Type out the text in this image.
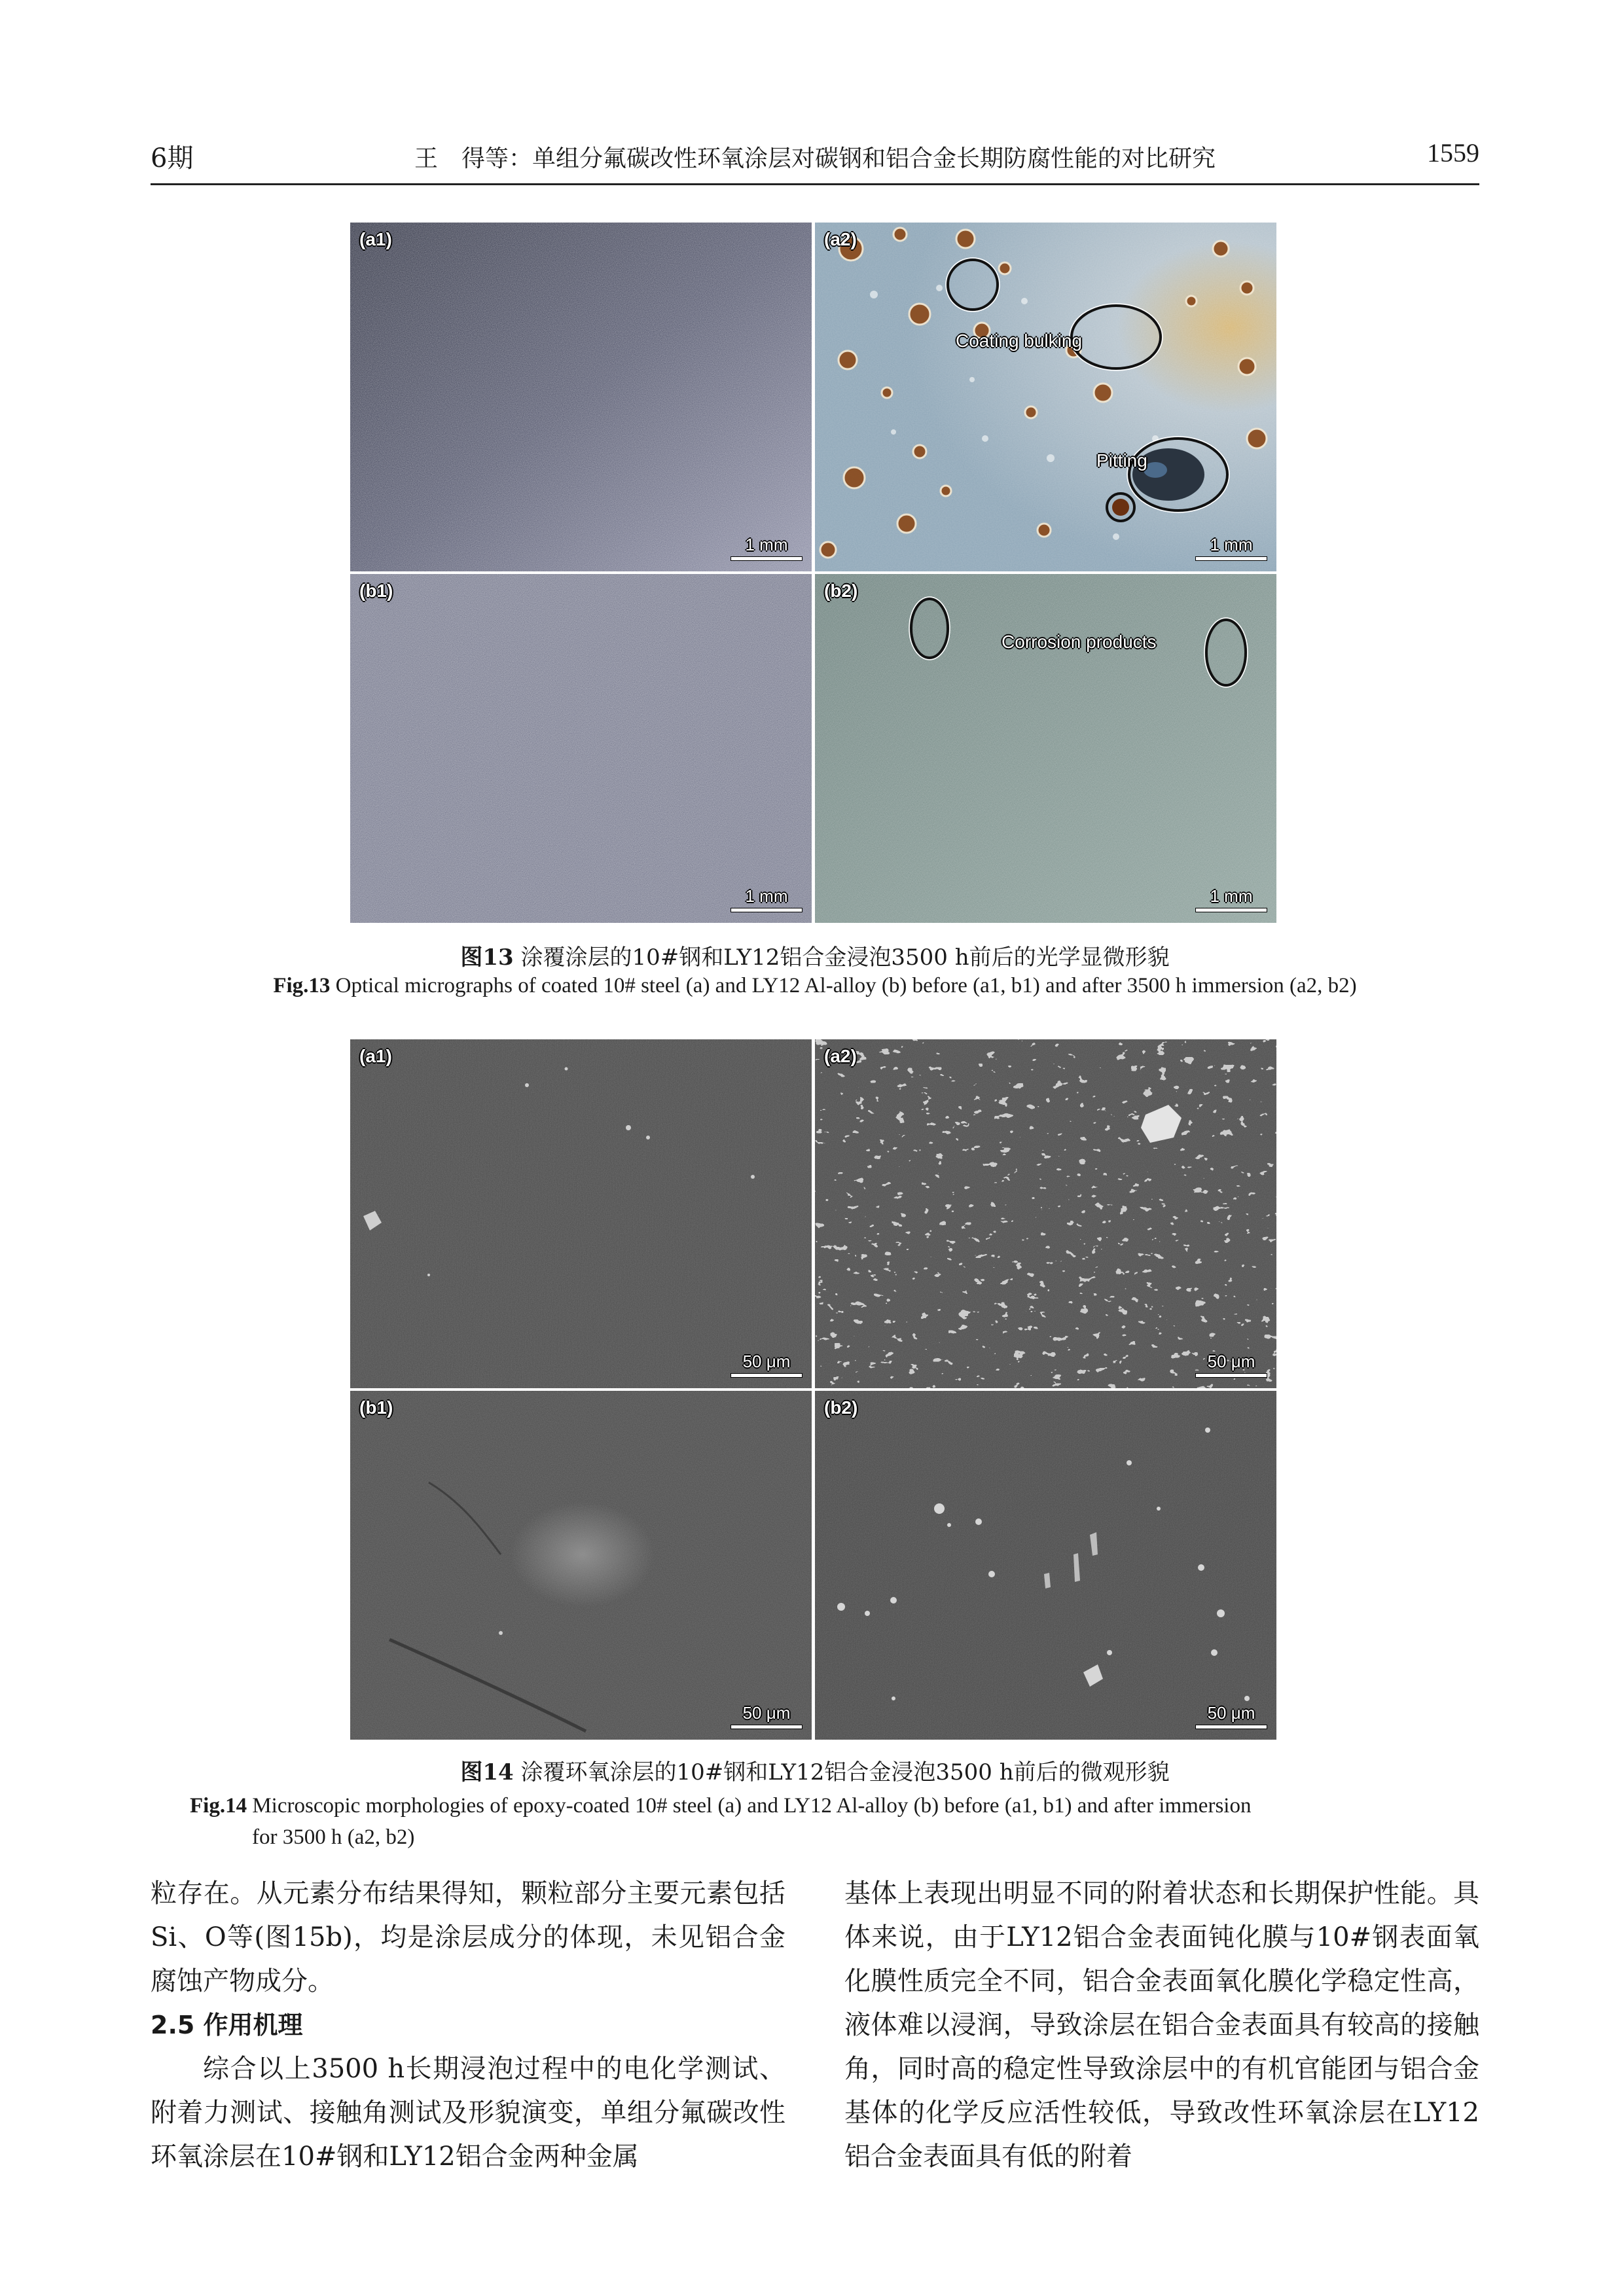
6期	王　得等：单组分氟碳改性环氧涂层对碳钢和铝合金长期防腐性能的对比研究	1559
(a1)
1 mm
(a2)
Coating bulking
Pitting
1 mm
(b1)
1 mm
(b2)
Corrosion products
1 mm
图13 涂覆涂层的10#钢和LY12铝合金浸泡3500 h前后的光学显微形貌
Fig.13 Optical micrographs of coated 10# steel (a) and LY12 Al-alloy (b) before (a1, b1) and after 3500 h immersion (a2, b2)
(a1)
50 μm
(a2)
50 μm
(b1)
50 μm
(b2)
50 μm
图14 涂覆环氧涂层的10#钢和LY12铝合金浸泡3500 h前后的微观形貌
Fig.14 Microscopic morphologies of epoxy-coated 10# steel (a) and LY12 Al-alloy (b) before (a1, b1) and after immersion
for 3500 h (a2, b2)

粒存在。从元素分布结果得知，颗粒部分主要元素包括Si、O等(图15b)，均是涂层成分的体现，未见铝合金腐蚀产物成分。

2.5 作用机理

综合以上3500 h长期浸泡过程中的电化学测试、附着力测试、接触角测试及形貌演变，单组分氟碳改性环氧涂层在10#钢和LY12铝合金两种金属

基体上表现出明显不同的附着状态和长期保护性能。具体来说，由于LY12铝合金表面钝化膜与10#钢表面氧化膜性质完全不同，铝合金表面氧化膜化学稳定性高，液体难以浸润，导致涂层在铝合金表面具有较高的接触角，同时高的稳定性导致涂层中的有机官能团与铝合金基体的化学反应活性较低，导致改性环氧涂层在LY12铝合金表面具有低的附着
